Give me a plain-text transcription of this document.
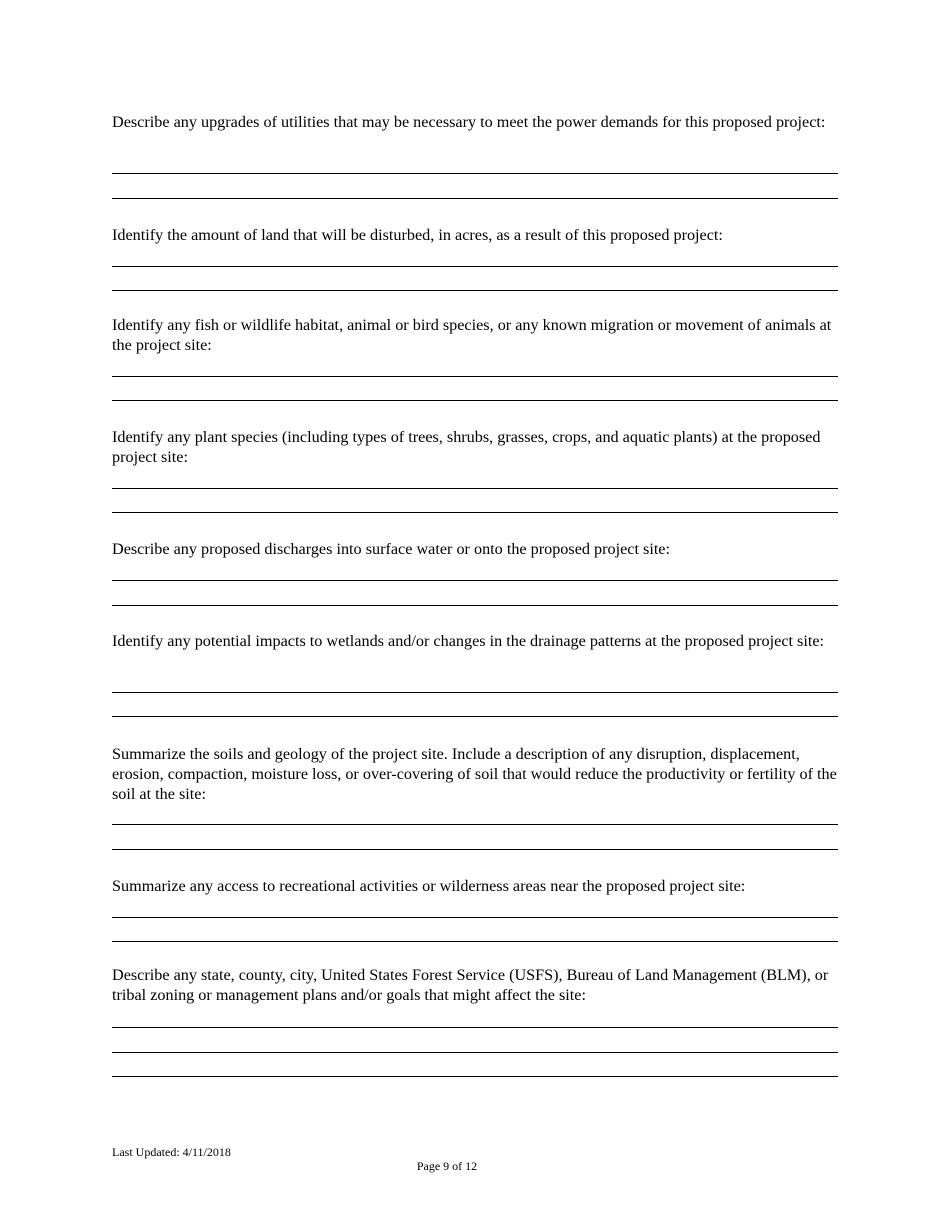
Describe any upgrades of utilities that may be necessary to meet the power demands for this proposed project:

Identify the amount of land that will be disturbed, in acres, as a result of this proposed project:

Identify any fish or wildlife habitat, animal or bird species, or any known migration or movement of animals at the project site:

Identify any plant species (including types of trees, shrubs, grasses, crops, and aquatic plants) at the proposed project site:

Describe any proposed discharges into surface water or onto the proposed project site:

Identify any potential impacts to wetlands and/or changes in the drainage patterns at the proposed project site:

Summarize the soils and geology of the project site. Include a description of any disruption, displacement, erosion, compaction, moisture loss, or over-covering of soil that would reduce the productivity or fertility of the soil at the site:

Summarize any access to recreational activities or wilderness areas near the proposed project site:

Describe any state, county, city, United States Forest Service (USFS), Bureau of Land Management (BLM), or tribal zoning or management plans and/or goals that might affect the site:

Last Updated: 4/11/2018
Page 9 of 12
